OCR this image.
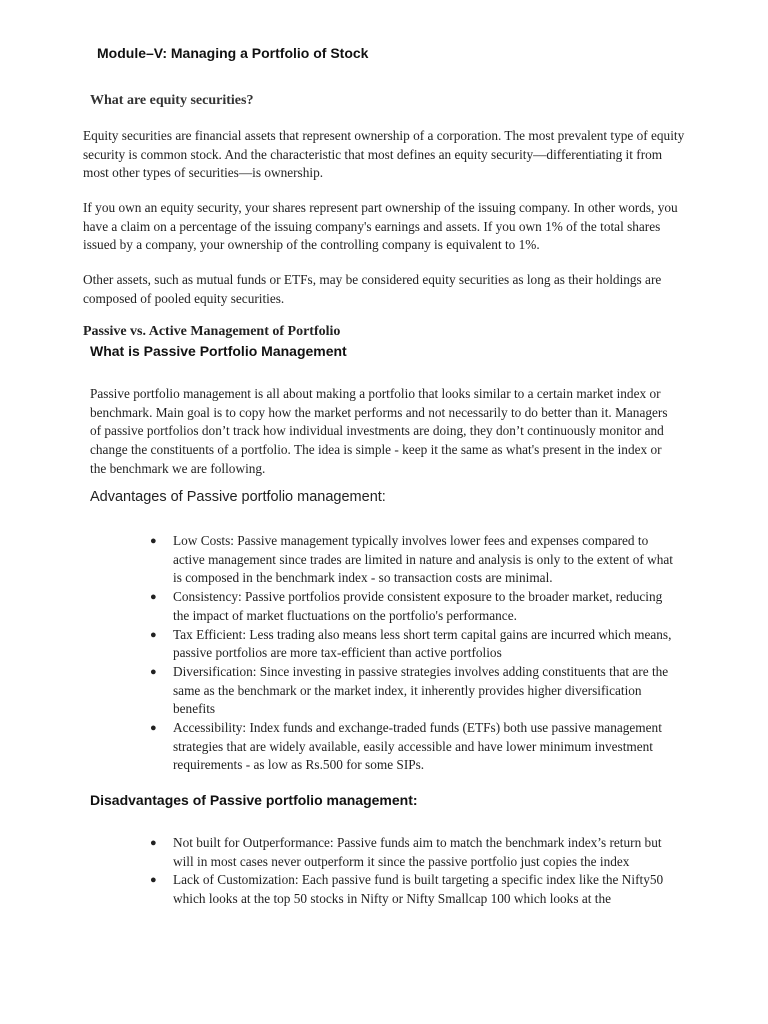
Module–V: Managing a Portfolio of Stock
What are equity securities?
Equity securities are financial assets that represent ownership of a corporation. The most prevalent type of equity security is common stock. And the characteristic that most defines an equity security—differentiating it from most other types of securities—is ownership.
If you own an equity security, your shares represent part ownership of the issuing company. In other words, you have a claim on a percentage of the issuing company's earnings and assets. If you own 1% of the total shares issued by a company, your ownership of the controlling company is equivalent to 1%.
Other assets, such as mutual funds or ETFs, may be considered equity securities as long as their holdings are composed of pooled equity securities.
Passive vs. Active Management of Portfolio
What is Passive Portfolio Management
Passive portfolio management is all about making a portfolio that looks similar to a certain market index or benchmark. Main goal is to copy how the market performs and not necessarily to do better than it. Managers of passive portfolios don’t track how individual investments are doing, they don’t continuously monitor and change the constituents of a portfolio. The idea is simple - keep it the same as what's present in the index or the benchmark we are following.
Advantages of Passive portfolio management:
● Low Costs: Passive management typically involves lower fees and expenses compared to active management since trades are limited in nature and analysis is only to the extent of what is composed in the benchmark index - so transaction costs are minimal.
● Consistency: Passive portfolios provide consistent exposure to the broader market, reducing the impact of market fluctuations on the portfolio's performance.
● Tax Efficient: Less trading also means less short term capital gains are incurred which means, passive portfolios are more tax-efficient than active portfolios
● Diversification: Since investing in passive strategies involves adding constituents that are the same as the benchmark or the market index, it inherently provides higher diversification benefits
● Accessibility: Index funds and exchange-traded funds (ETFs) both use passive management strategies that are widely available, easily accessible and have lower minimum investment requirements - as low as Rs.500 for some SIPs.
Disadvantages of Passive portfolio management:
● Not built for Outperformance: Passive funds aim to match the benchmark index’s return but will in most cases never outperform it since the passive portfolio just copies the index
● Lack of Customization: Each passive fund is built targeting a specific index like the Nifty50 which looks at the top 50 stocks in Nifty or Nifty Smallcap 100 which looks at the
